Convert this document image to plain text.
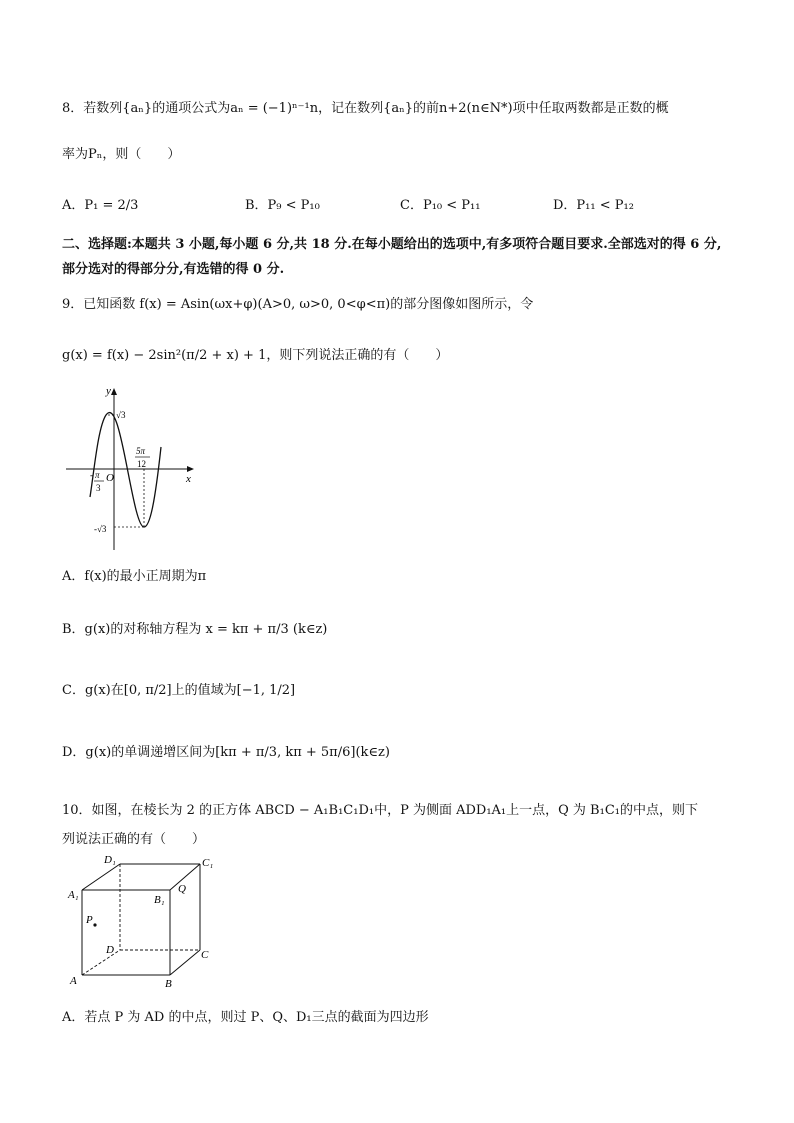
8．若数列{aₙ}的通项公式为aₙ = (−1)ⁿ⁻¹n，记在数列{aₙ}的前n+2(n∈N*)项中任取两数都是正数的概
率为Pₙ，则（　　）
A．P₁ = 2/3	B．P₉ < P₁₀	C．P₁₀ < P₁₁	D．P₁₁ < P₁₂
二、选择题:本题共 3 小题,每小题 6 分,共 18 分.在每小题给出的选项中,有多项符合题目要求.全部选对的得 6 分,部分选对的得部分分,有选错的得 0 分.
9．已知函数 f(x) = Asin(ωx+φ)(A>0, ω>0, 0<φ<π)的部分图像如图所示，令
g(x) = f(x) − 2sin²(π/2 + x) + 1，则下列说法正确的有（　　）
y
x
√3
-√3
O
- π
3
5π
12
A．f(x)的最小正周期为π
B．g(x)的对称轴方程为 x = kπ + π/3 (k∈z)
C．g(x)在[0, π/2]上的值域为[−1, 1/2]
D．g(x)的单调递增区间为[kπ + π/3, kπ + 5π/6](k∈z)
10．如图，在棱长为 2 的正方体 ABCD − A₁B₁C₁D₁中，P 为侧面 ADD₁A₁上一点，Q 为 B₁C₁的中点，则下
列说法正确的有（　　）
D₁	C₁
A₁	B₁
Q
P
D	C
A	B
A．若点 P 为 AD 的中点，则过 P、Q、D₁三点的截面为四边形
